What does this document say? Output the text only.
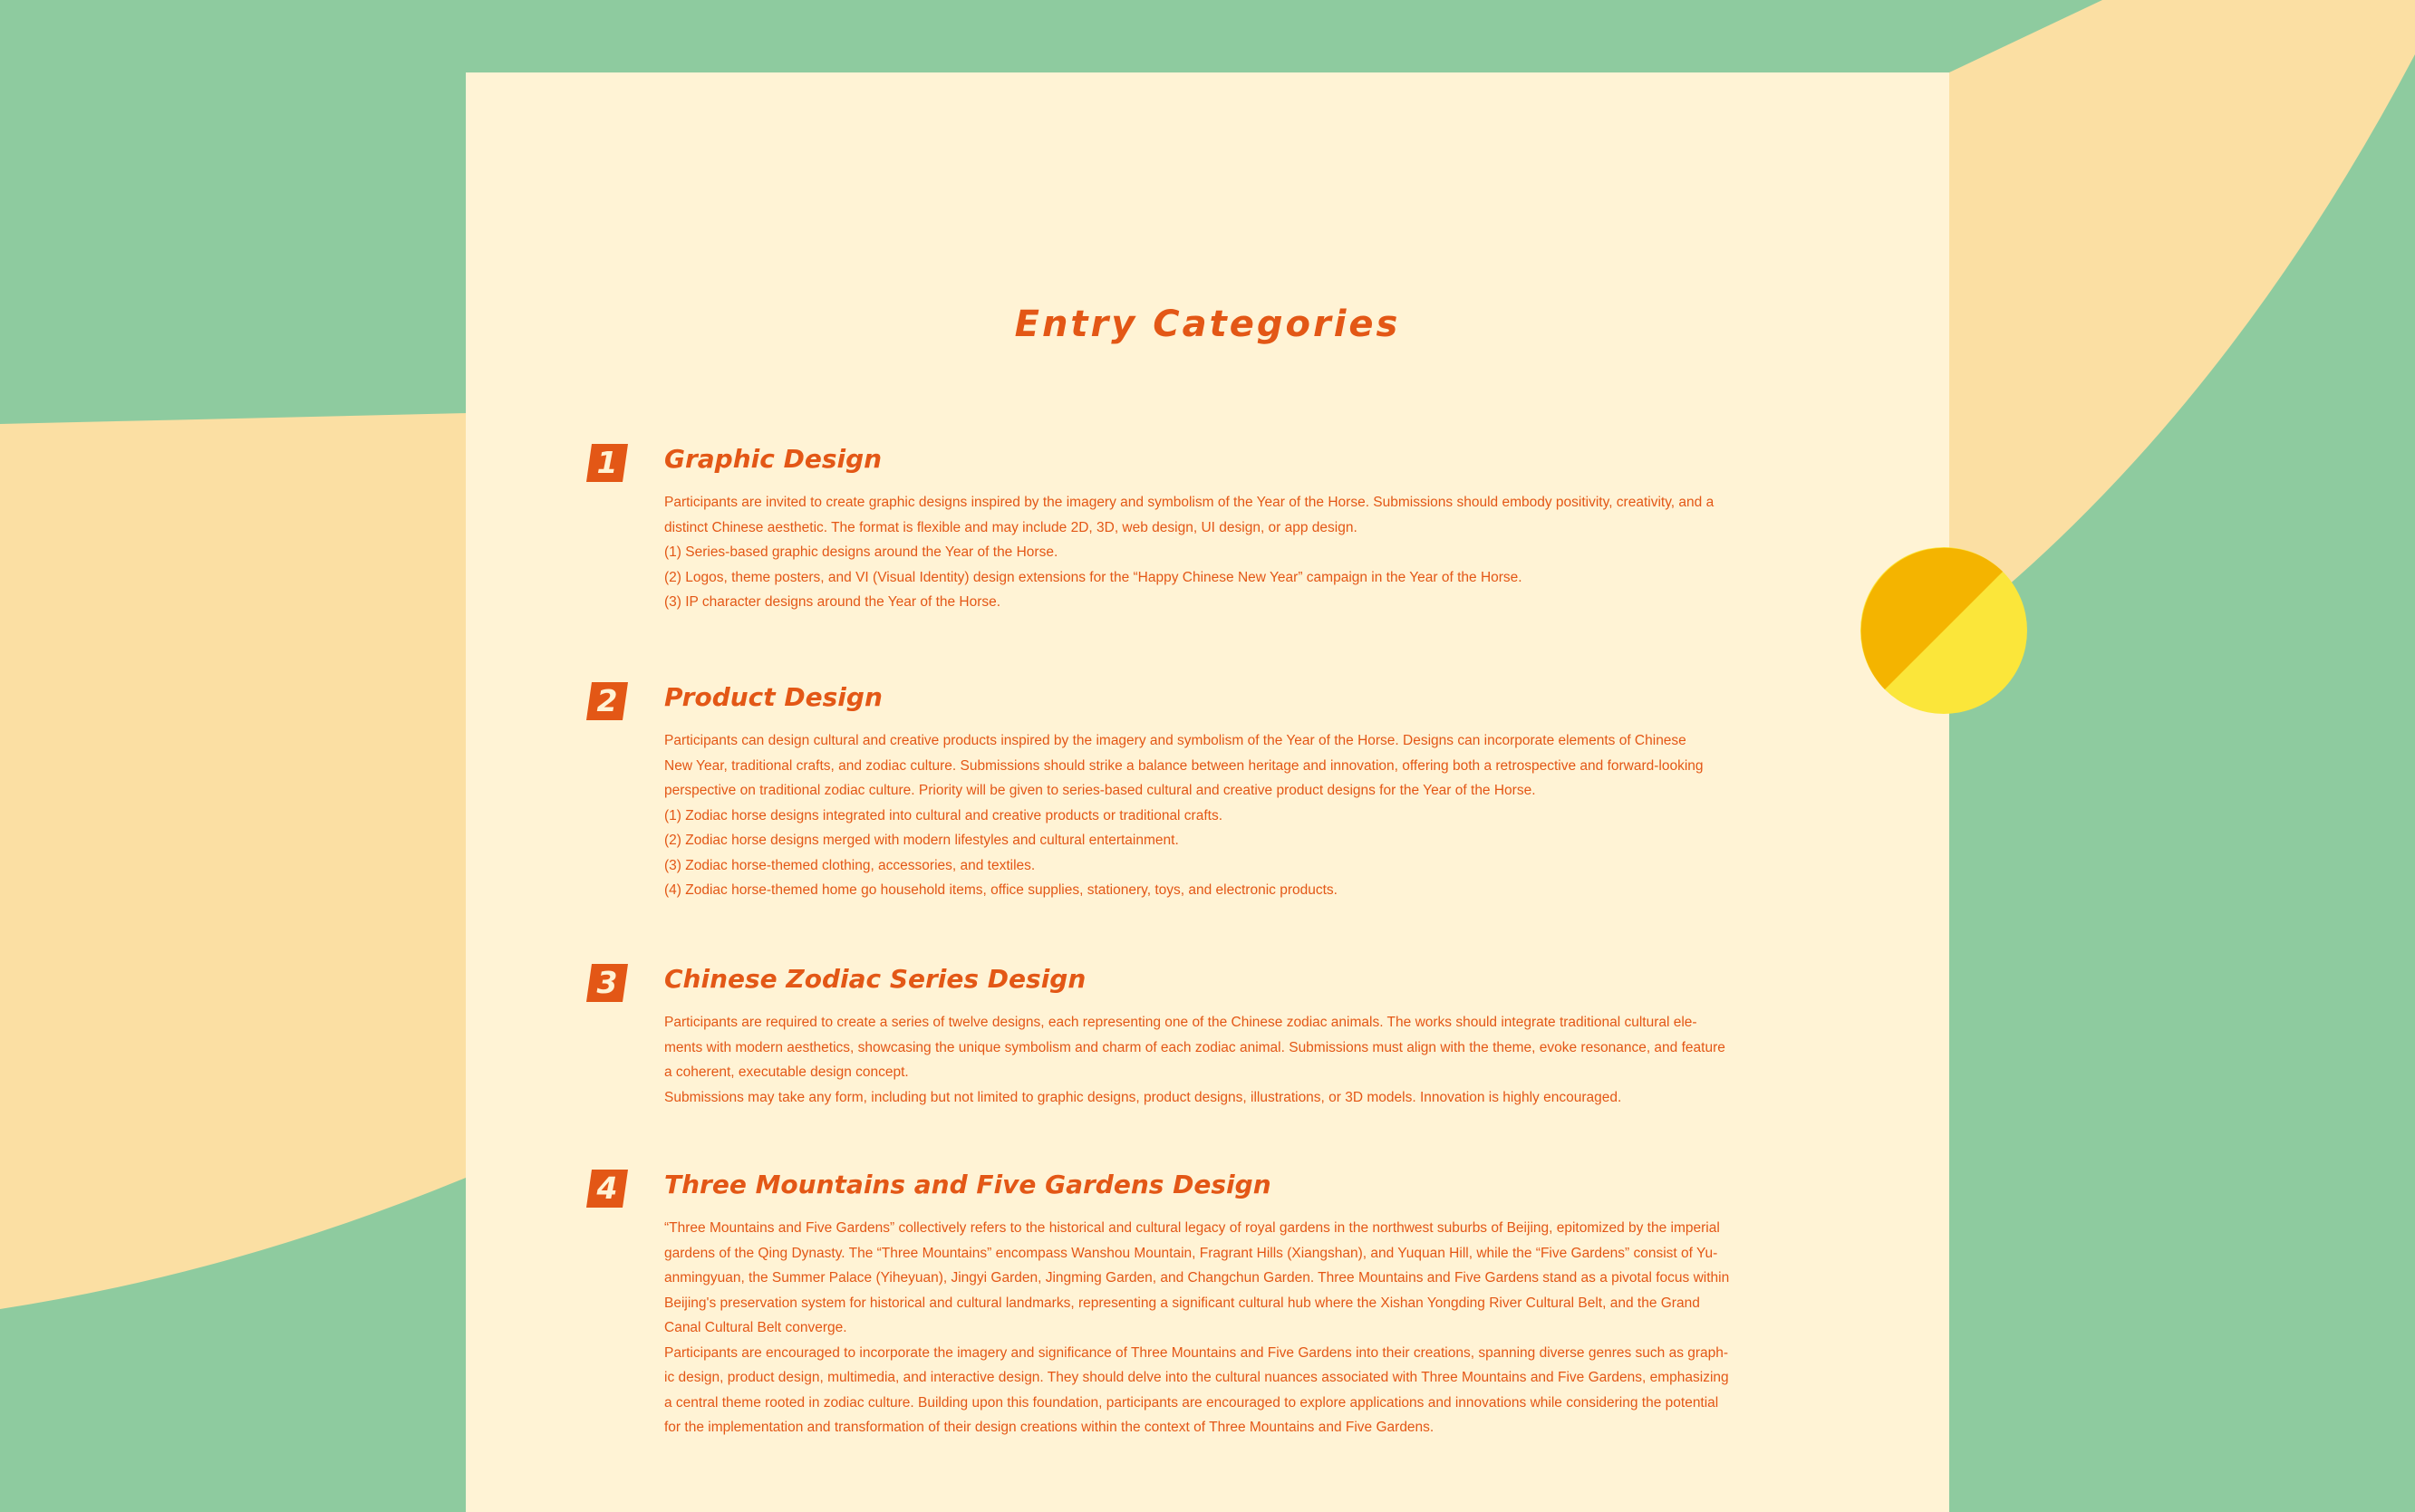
Entry Categories
1	Graphic Design

Participants are invited to create graphic designs inspired by the imagery and symbolism of the Year of the Horse. Submissions should embody positivity, creativity, and a

distinct Chinese aesthetic. The format is flexible and may include 2D, 3D, web design, UI design, or app design.

(1) Series-based graphic designs around the Year of the Horse.

(2) Logos, theme posters, and VI (Visual Identity) design extensions for the “Happy Chinese New Year” campaign in the Year of the Horse.

(3) IP character designs around the Year of the Horse.

2	Product Design

Participants can design cultural and creative products inspired by the imagery and symbolism of the Year of the Horse. Designs can incorporate elements of Chinese

New Year, traditional crafts, and zodiac culture. Submissions should strike a balance between heritage and innovation, offering both a retrospective and forward-looking

perspective on traditional zodiac culture. Priority will be given to series-based cultural and creative product designs for the Year of the Horse.

(1) Zodiac horse designs integrated into cultural and creative products or traditional crafts.

(2) Zodiac horse designs merged with modern lifestyles and cultural entertainment.

(3) Zodiac horse-themed clothing, accessories, and textiles.

(4) Zodiac horse-themed home go household items, office supplies, stationery, toys, and electronic products.

3	Chinese Zodiac Series Design

Participants are required to create a series of twelve designs, each representing one of the Chinese zodiac animals. The works should integrate traditional cultural ele-

ments with modern aesthetics, showcasing the unique symbolism and charm of each zodiac animal. Submissions must align with the theme, evoke resonance, and feature

a coherent, executable design concept.

Submissions may take any form, including but not limited to graphic designs, product designs, illustrations, or 3D models. Innovation is highly encouraged.

4	Three Mountains and Five Gardens Design

“Three Mountains and Five Gardens” collectively refers to the historical and cultural legacy of royal gardens in the northwest suburbs of Beijing, epitomized by the imperial

gardens of the Qing Dynasty. The “Three Mountains” encompass Wanshou Mountain, Fragrant Hills (Xiangshan), and Yuquan Hill, while the “Five Gardens” consist of Yu-

anmingyuan, the Summer Palace (Yiheyuan), Jingyi Garden, Jingming Garden, and Changchun Garden. Three Mountains and Five Gardens stand as a pivotal focus within

Beijing's preservation system for historical and cultural landmarks, representing a significant cultural hub where the Xishan Yongding River Cultural Belt, and the Grand

Canal Cultural Belt converge.

Participants are encouraged to incorporate the imagery and significance of Three Mountains and Five Gardens into their creations, spanning diverse genres such as graph-

ic design, product design, multimedia, and interactive design. They should delve into the cultural nuances associated with Three Mountains and Five Gardens, emphasizing

a central theme rooted in zodiac culture. Building upon this foundation, participants are encouraged to explore applications and innovations while considering the potential

for the implementation and transformation of their design creations within the context of Three Mountains and Five Gardens.
